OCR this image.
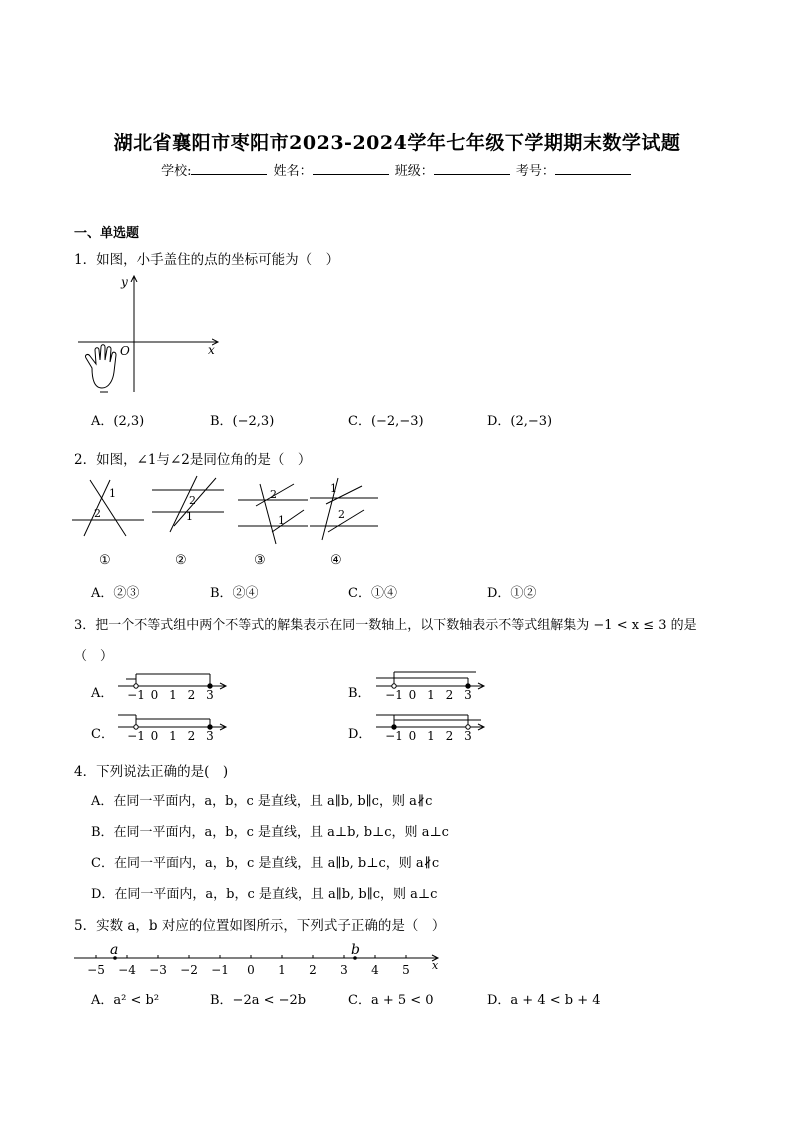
湖北省襄阳市枣阳市2023-2024学年七年级下学期期末数学试题
学校:	姓名：	班级：	考号：
一、单选题
1．如图，小手盖住的点的坐标可能为（　）
y
x
O
A．(2,3)	B．(−2,3)	C．(−2,−3)	D．(2,−3)
2．如图，∠1与∠2是同位角的是（　）
1
2
2
1
2
1
1
2
①	②	③	④
A．②③	B．②④	C．①④	D．①②
3．把一个不等式组中两个不等式的解集表示在同一数轴上，以下数轴表示不等式组解集为 −1 < x ≤ 3 的是
（　）
A． −1 0 1 2 3	B． −1 0 1 2 3
C． −1 0 1 2 3	D． −1 0 1 2 3
4．下列说法正确的是(　)
A．在同一平面内，a，b，c 是直线，且 a∥b, b∥c，则 a∦c
B．在同一平面内，a，b，c 是直线，且 a⊥b, b⊥c，则 a⊥c
C．在同一平面内，a，b，c 是直线，且 a∥b, b⊥c，则 a∦c
D．在同一平面内，a，b，c 是直线，且 a∥b, b∥c，则 a⊥c
5．实数 a，b 对应的位置如图所示，下列式子正确的是（　）
x
−5 −4 −3 −2 −1 0 1 2 3 4 5
a	b
A．a² < b²	B．−2a < −2b	C．a + 5 < 0	D．a + 4 < b + 4
